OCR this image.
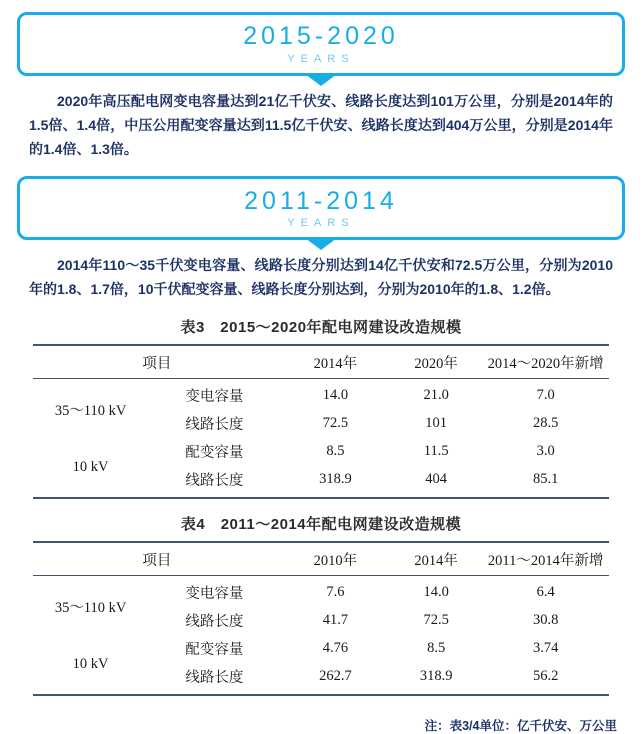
2015-2020
YEARS

2020年高压配电网变电容量达到21亿千伏安、线路长度达到101万公里，分别是2014年的1.5倍、1.4倍，中压公用配变容量达到11.5亿千伏安、线路长度达到404万公里，分别是2014年的1.4倍、1.3倍。

2011-2014
YEARS

2014年110～35千伏变电容量、线路长度分别达到14亿千伏安和72.5万公里，分别为2010年的1.8、1.7倍，10千伏配变容量、线路长度分别达到，分别为2010年的1.8、1.2倍。

表3　2015～2020年配电网建设改造规模
项目		2014年	2020年	2014～2020年新增
35～110 kV	变电容量	14.0	21.0	7.0
	线路长度	72.5	101	28.5
10 kV	配变容量	8.5	11.5	3.0
	线路长度	318.9	404	85.1
表4　2011～2014年配电网建设改造规模
项目		2010年	2014年	2011～2014年新增
35～110 kV	变电容量	7.6	14.0	6.4
	线路长度	41.7	72.5	30.8
10 kV	配变容量	4.76	8.5	3.74
	线路长度	262.7	318.9	56.2
注：表3/4单位：亿千伏安、万公里
